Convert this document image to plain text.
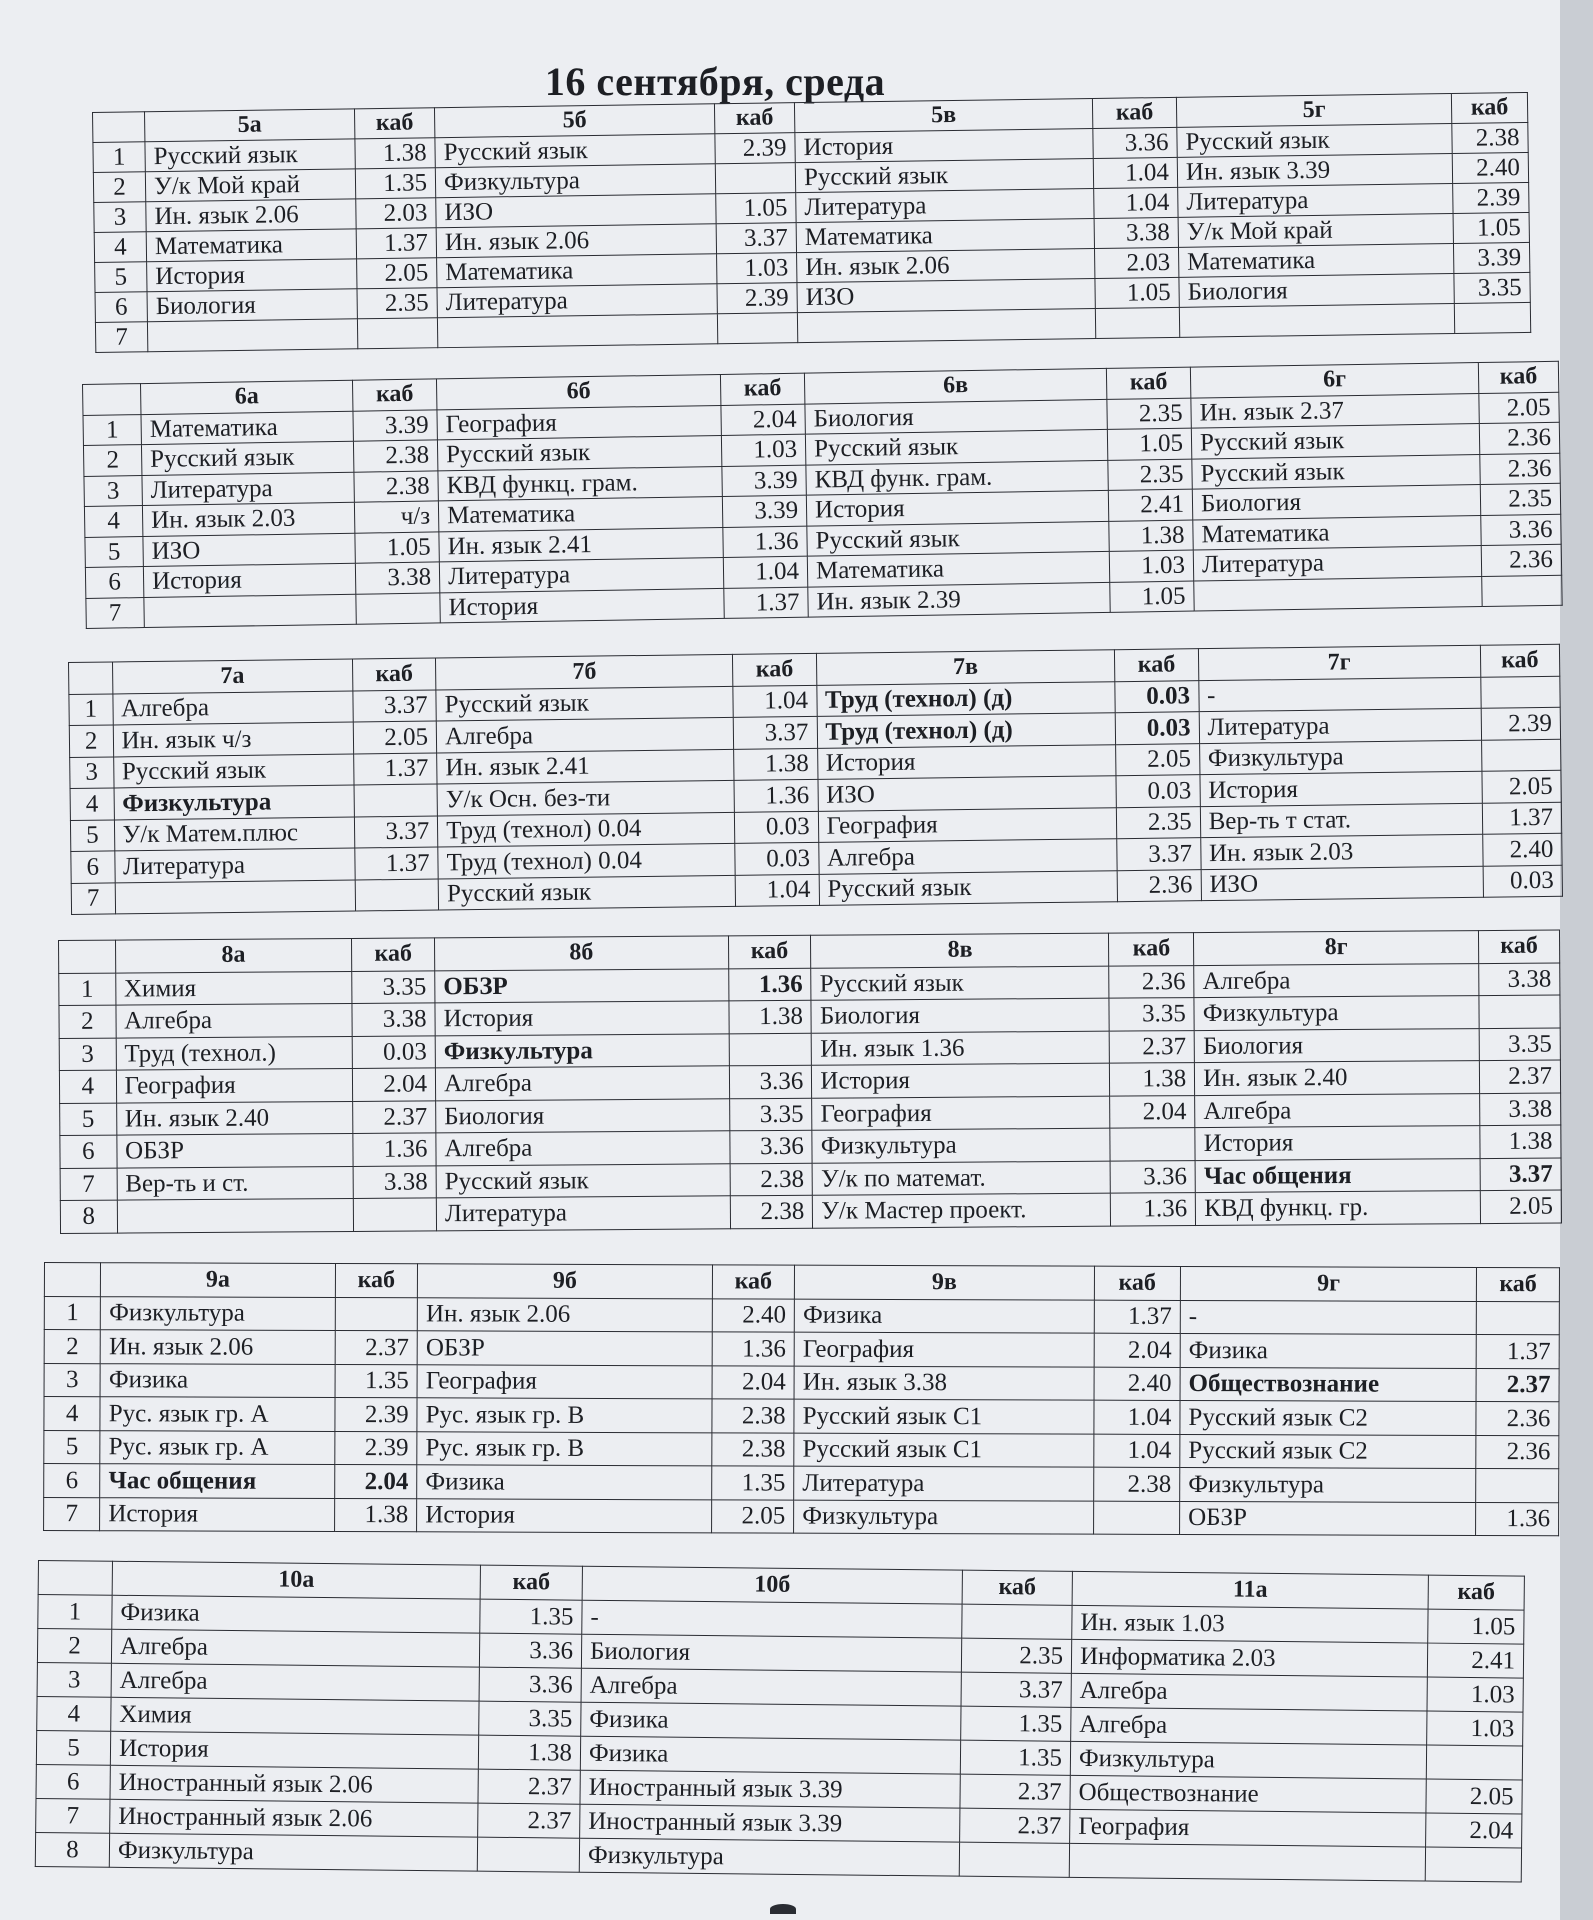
16 сентября, среда
	5а	каб	5б	каб	5в	каб	5г	каб
1	Русский язык	1.38	Русский язык	2.39	История	3.36	Русский язык	2.38
2	У/к Мой край	1.35	Физкультура		Русский язык	1.04	Ин. язык 3.39	2.40
3	Ин. язык 2.06	2.03	ИЗО	1.05	Литература	1.04	Литература	2.39
4	Математика	1.37	Ин. язык 2.06	3.37	Математика	3.38	У/к Мой край	1.05
5	История	2.05	Математика	1.03	Ин. язык 2.06	2.03	Математика	3.39
6	Биология	2.35	Литература	2.39	ИЗО	1.05	Биология	3.35
7								
	6а	каб	6б	каб	6в	каб	6г	каб
1	Математика	3.39	География	2.04	Биология	2.35	Ин. язык 2.37	2.05
2	Русский язык	2.38	Русский язык	1.03	Русский язык	1.05	Русский язык	2.36
3	Литература	2.38	КВД функц. грам.	3.39	КВД функ. грам.	2.35	Русский язык	2.36
4	Ин. язык 2.03	ч/з	Математика	3.39	История	2.41	Биология	2.35
5	ИЗО	1.05	Ин. язык 2.41	1.36	Русский язык	1.38	Математика	3.36
6	История	3.38	Литература	1.04	Математика	1.03	Литература	2.36
7			История	1.37	Ин. язык 2.39	1.05		
	7а	каб	7б	каб	7в	каб	7г	каб
1	Алгебра	3.37	Русский язык	1.04	Труд (технол) (д)	0.03	-	
2	Ин. язык ч/з	2.05	Алгебра	3.37	Труд (технол) (д)	0.03	Литература	2.39
3	Русский язык	1.37	Ин. язык 2.41	1.38	История	2.05	Физкультура	
4	Физкультура		У/к Осн. без-ти	1.36	ИЗО	0.03	История	2.05
5	У/к Матем.плюс	3.37	Труд (технол) 0.04	0.03	География	2.35	Вер-ть т стат.	1.37
6	Литература	1.37	Труд (технол) 0.04	0.03	Алгебра	3.37	Ин. язык 2.03	2.40
7			Русский язык	1.04	Русский язык	2.36	ИЗО	0.03
	8а	каб	8б	каб	8в	каб	8г	каб
1	Химия	3.35	ОБЗР	1.36	Русский язык	2.36	Алгебра	3.38
2	Алгебра	3.38	История	1.38	Биология	3.35	Физкультура	
3	Труд (технол.)	0.03	Физкультура		Ин. язык 1.36	2.37	Биология	3.35
4	География	2.04	Алгебра	3.36	История	1.38	Ин. язык 2.40	2.37
5	Ин. язык 2.40	2.37	Биология	3.35	География	2.04	Алгебра	3.38
6	ОБЗР	1.36	Алгебра	3.36	Физкультура		История	1.38
7	Вер-ть и ст.	3.38	Русский язык	2.38	У/к по математ.	3.36	Час общения	3.37
8			Литература	2.38	У/к Мастер проект.	1.36	КВД функц. гр.	2.05
	9а	каб	9б	каб	9в	каб	9г	каб
1	Физкультура		Ин. язык 2.06	2.40	Физика	1.37	-	
2	Ин. язык 2.06	2.37	ОБЗР	1.36	География	2.04	Физика	1.37
3	Физика	1.35	География	2.04	Ин. язык 3.38	2.40	Обществознание	2.37
4	Рус. язык гр. А	2.39	Рус. язык гр. В	2.38	Русский язык С1	1.04	Русский язык С2	2.36
5	Рус. язык гр. А	2.39	Рус. язык гр. В	2.38	Русский язык С1	1.04	Русский язык С2	2.36
6	Час общения	2.04	Физика	1.35	Литература	2.38	Физкультура	
7	История	1.38	История	2.05	Физкультура		ОБЗР	1.36
	10а	каб	10б	каб	11а	каб
1	Физика	1.35	-		Ин. язык 1.03	1.05
2	Алгебра	3.36	Биология	2.35	Информатика 2.03	2.41
3	Алгебра	3.36	Алгебра	3.37	Алгебра	1.03
4	Химия	3.35	Физика	1.35	Алгебра	1.03
5	История	1.38	Физика	1.35	Физкультура	
6	Иностранный язык 2.06	2.37	Иностранный язык 3.39	2.37	Обществознание	2.05
7	Иностранный язык 2.06	2.37	Иностранный язык 3.39	2.37	География	2.04
8	Физкультура		Физкультура			
